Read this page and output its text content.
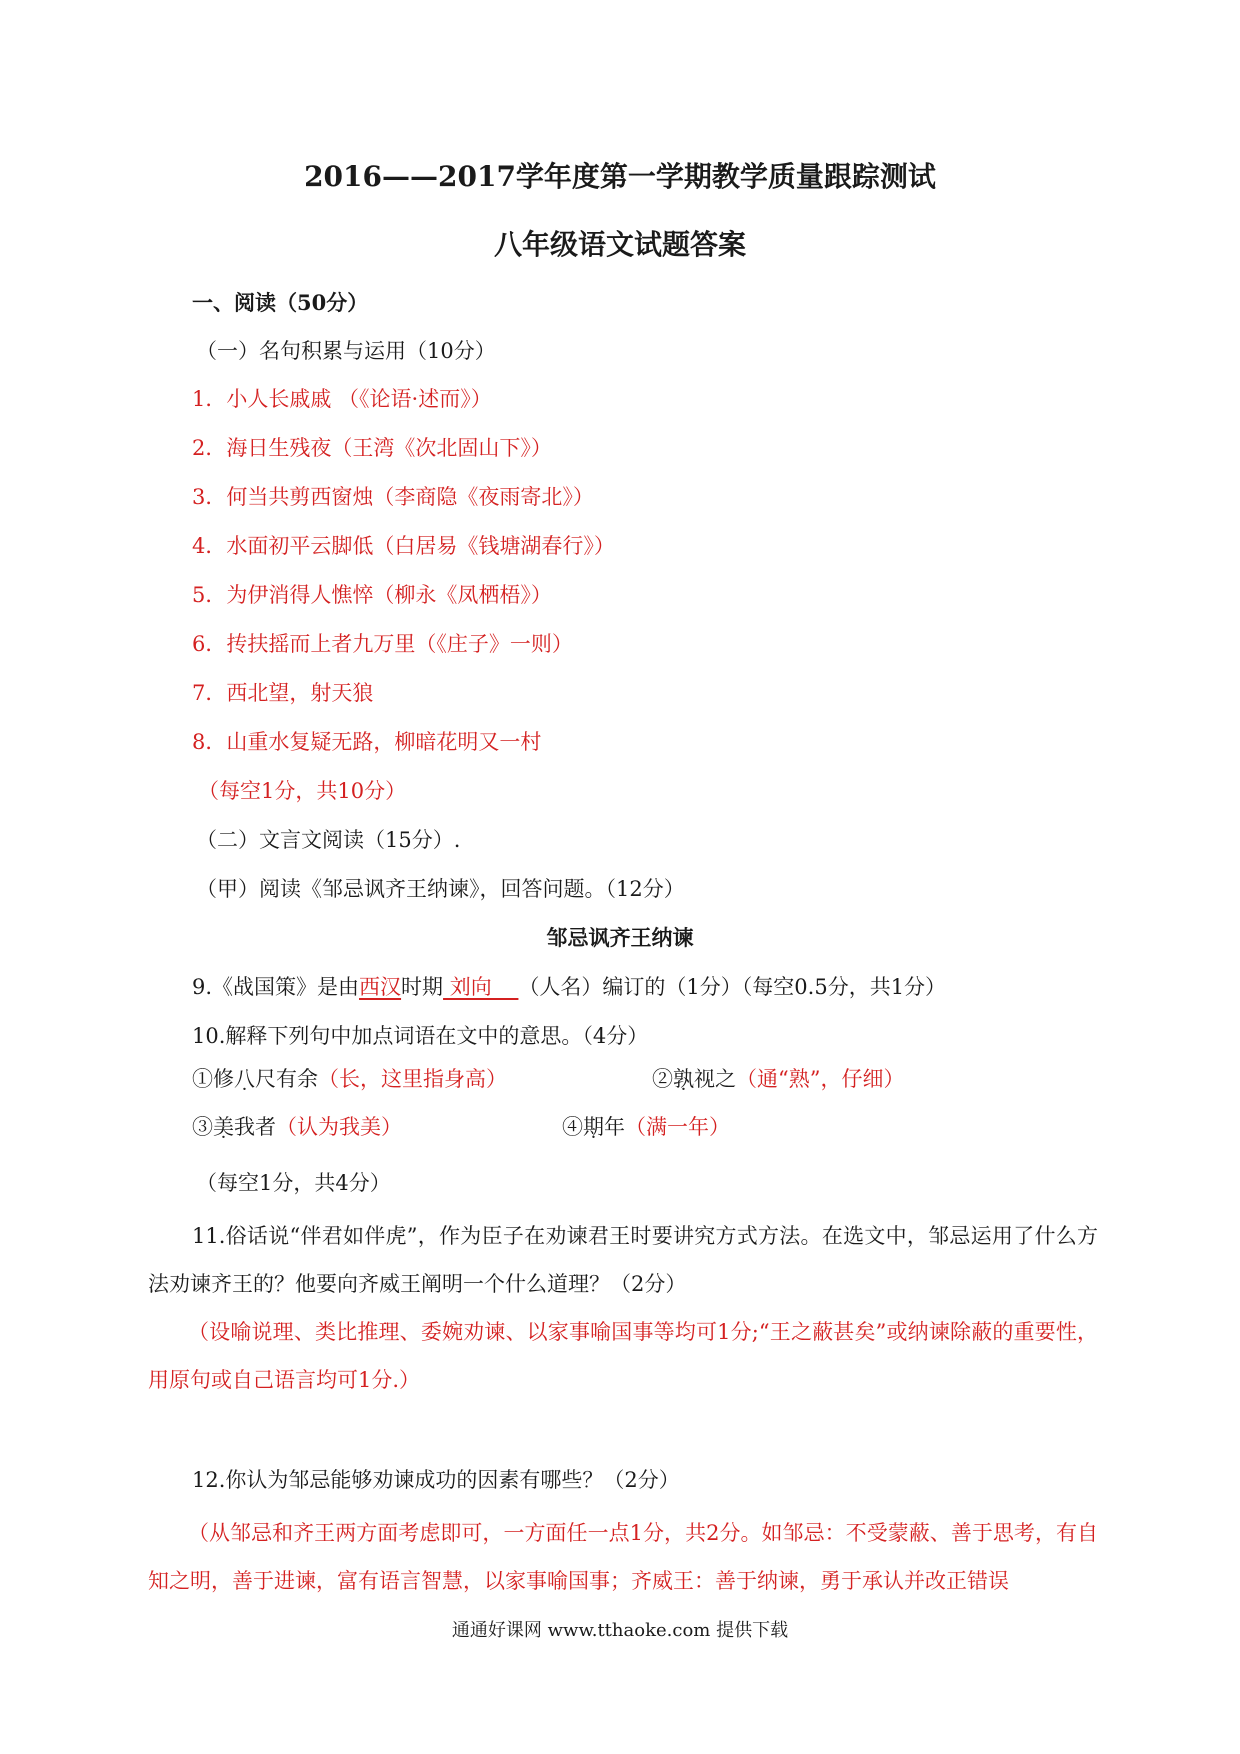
2016——2017学年度第一学期教学质量跟踪测试
八年级语文试题答案
一、阅读（50分）
（一）名句积累与运用（10分）
1．小人长戚戚 （《论语·述而》）
2．海日生残夜（王湾《次北固山下》）
3．何当共剪西窗烛（李商隐《夜雨寄北》）
4．水面初平云脚低（白居易《钱塘湖春行》）
5．为伊消得人憔悴（柳永《凤栖梧》）
6．抟扶摇而上者九万里（《庄子》一则）
7．西北望，射天狼
8．山重水复疑无路，柳暗花明又一村
（每空1分，共10分）
（二）文言文阅读（15分）.
（甲）阅读《邹忌讽齐王纳谏》，回答问题。（12分）
邹忌讽齐王纳谏
9.《战国策》是由西汉时期 刘向    （人名）编订的（1分）（每空0.5分，共1分）
10.解释下列句中加点词语在文中的意思。（4分）
①修八尺有余（长，这里指身高）	②孰视之（通“熟”，仔细）
③美我者（认为我美）	④期年（满一年）
（每空1分，共4分）
11.俗话说“伴君如伴虎”，作为臣子在劝谏君王时要讲究方式方法。在选文中，邹忌运用了什么方法劝谏齐王的？他要向齐威王阐明一个什么道理？（2分）
（设喻说理、类比推理、委婉劝谏、以家事喻国事等均可1分;“王之蔽甚矣”或纳谏除蔽的重要性，用原句或自己语言均可1分.）
12.你认为邹忌能够劝谏成功的因素有哪些？（2分）
（从邹忌和齐王两方面考虑即可，一方面任一点1分，共2分。如邹忌：不受蒙蔽、善于思考，有自知之明，善于进谏，富有语言智慧，以家事喻国事；齐威王：善于纳谏，勇于承认并改正错误
通通好课网 www.tthaoke.com 提供下载
